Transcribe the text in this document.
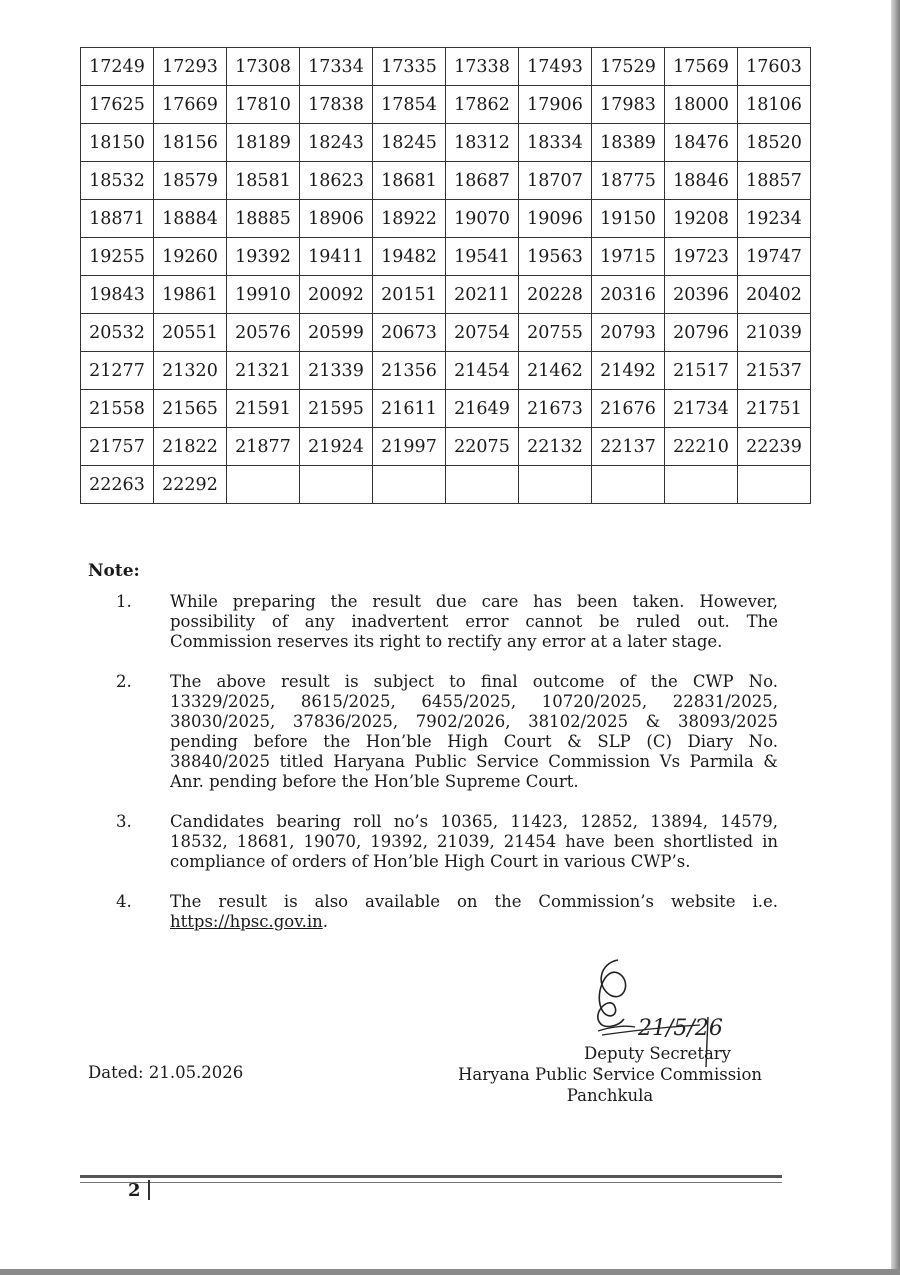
17249	17293	17308	17334	17335	17338	17493	17529	17569	17603
17625	17669	17810	17838	17854	17862	17906	17983	18000	18106
18150	18156	18189	18243	18245	18312	18334	18389	18476	18520
18532	18579	18581	18623	18681	18687	18707	18775	18846	18857
18871	18884	18885	18906	18922	19070	19096	19150	19208	19234
19255	19260	19392	19411	19482	19541	19563	19715	19723	19747
19843	19861	19910	20092	20151	20211	20228	20316	20396	20402
20532	20551	20576	20599	20673	20754	20755	20793	20796	21039
21277	21320	21321	21339	21356	21454	21462	21492	21517	21537
21558	21565	21591	21595	21611	21649	21673	21676	21734	21751
21757	21822	21877	21924	21997	22075	22132	22137	22210	22239
22263	22292								
Note:
1. While preparing the result due care has been taken. However, possibility of any inadvertent error cannot be ruled out. The Commission reserves its right to rectify any error at a later stage.
2. The above result is subject to final outcome of the CWP No. 13329/2025, 8615/2025, 6455/2025, 10720/2025, 22831/2025, 38030/2025, 37836/2025, 7902/2026, 38102/2025 & 38093/2025 pending before the Hon’ble High Court & SLP (C) Diary No. 38840/2025 titled Haryana Public Service Commission Vs Parmila & Anr. pending before the Hon’ble Supreme Court.
3. Candidates bearing roll no’s 10365, 11423, 12852, 13894, 14579, 18532, 18681, 19070, 19392, 21039, 21454 have been shortlisted in compliance of orders of Hon’ble High Court in various CWP’s.
4. The result is also available on the Commission’s website i.e. https://hpsc.gov.in.
21/5/26
Dated: 21.05.2026
Deputy Secretary
Haryana Public Service Commission
Panchkula
2
